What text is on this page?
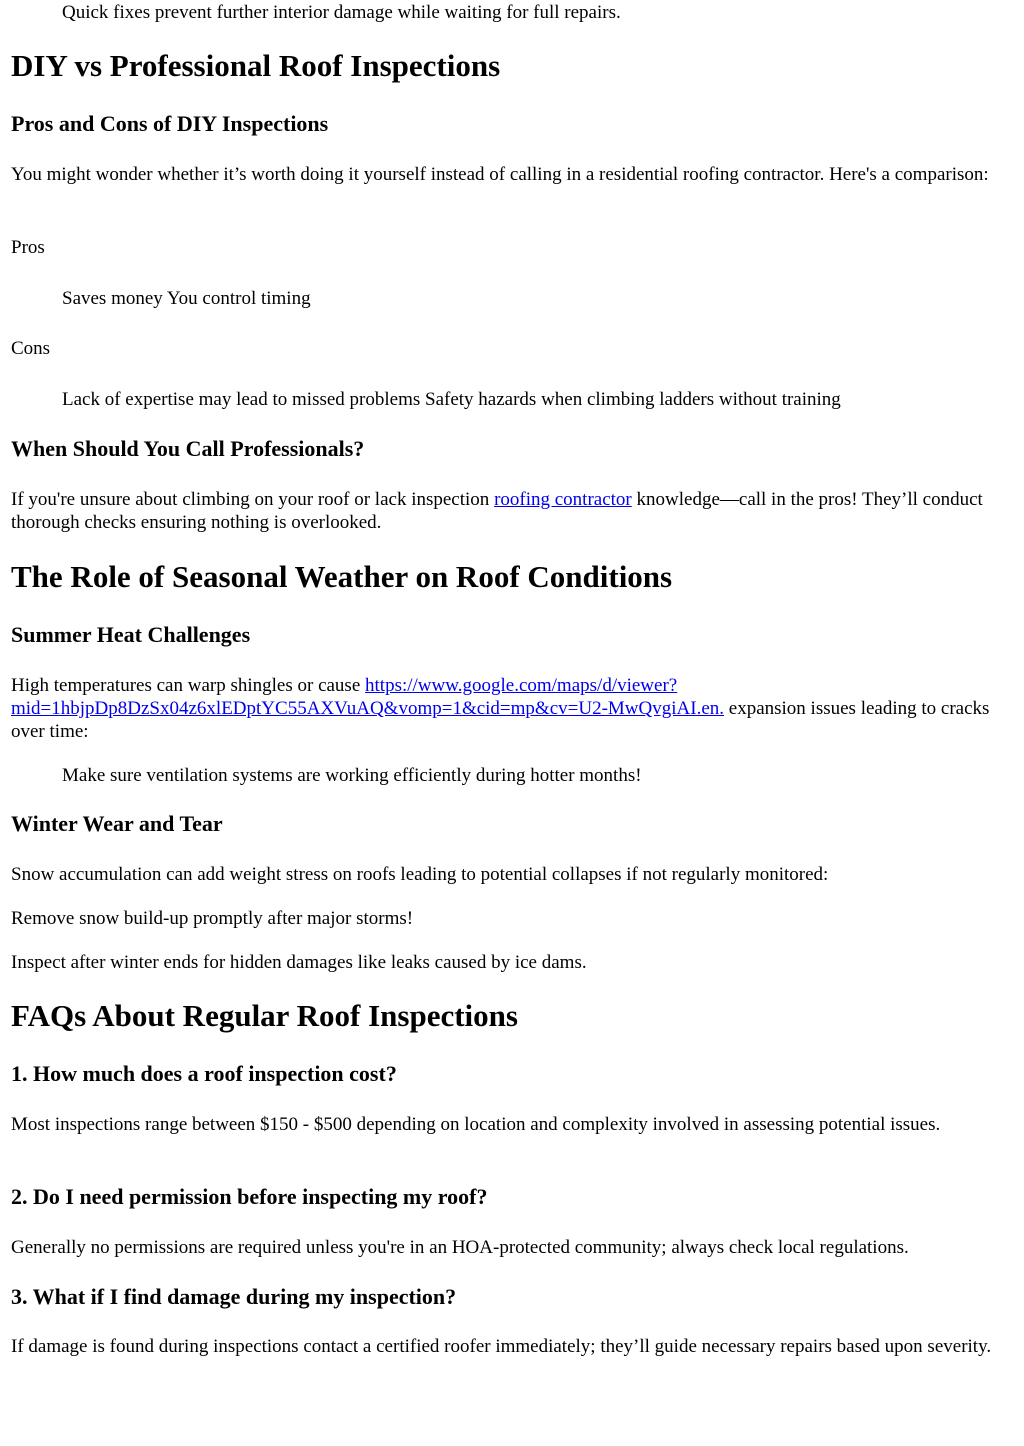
Quick fixes prevent further interior damage while waiting for full repairs.

DIY vs Professional Roof Inspections
Pros and Cons of DIY Inspections

You might wonder whether it’s worth doing it yourself instead of calling in a residential roofing contractor. Here's a comparison:

Pros

Saves money You control timing

Cons

Lack of expertise may lead to missed problems Safety hazards when climbing ladders without training

When Should You Call Professionals?

If you're unsure about climbing on your roof or lack inspection roofing contractor knowledge—call in the pros! They’ll conduct thorough checks ensuring nothing is overlooked.

The Role of Seasonal Weather on Roof Conditions
Summer Heat Challenges

High temperatures can warp shingles or cause https://www.google.com/maps/d/viewer?mid=1hbjpDp8DzSx04z6xlEDptYC55AXVuAQ&vomp=1&cid=mp&cv=U2-MwQvgiAI.en. expansion issues leading to cracks over time:

Make sure ventilation systems are working efficiently during hotter months!

Winter Wear and Tear

Snow accumulation can add weight stress on roofs leading to potential collapses if not regularly monitored:

Remove snow build-up promptly after major storms!

Inspect after winter ends for hidden damages like leaks caused by ice dams.

FAQs About Regular Roof Inspections
1. How much does a roof inspection cost?

Most inspections range between $150 - $500 depending on location and complexity involved in assessing potential issues.

2. Do I need permission before inspecting my roof?

Generally no permissions are required unless you're in an HOA-protected community; always check local regulations.

3. What if I find damage during my inspection?

If damage is found during inspections contact a certified roofer immediately; they’ll guide necessary repairs based upon severity.
